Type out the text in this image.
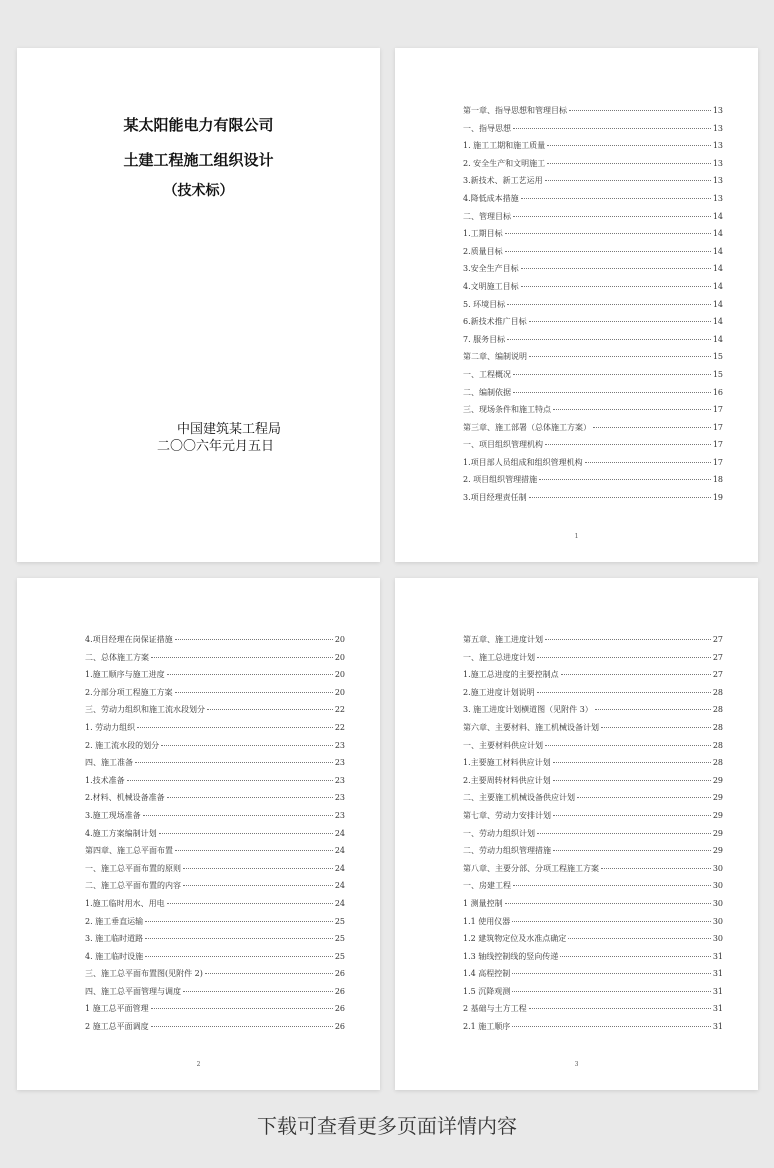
某太阳能电力有限公司
土建工程施工组织设计
（技术标）
中国建筑某工程局
二〇〇六年元月五日
第一章、指导思想和管理目标	13
一、指导思想	13
1. 施工工期和施工质量	13
2. 安全生产和文明施工	13
3.新技术、新工艺运用	13
4.降低成本措施	13
二、管理目标	14
1.工期目标	14
2.质量目标	14
3.安全生产目标	14
4.文明施工目标	14
5. 环境目标	14
6.新技术推广目标	14
7. 服务目标	14
第二章、编制说明	15
一、工程概况	15
二、编制依据	16
三、现场条件和施工特点	17
第三章、施工部署（总体施工方案）	17
一、项目组织管理机构	17
1.项目部人员组成和组织管理机构	17
2. 项目组织管理措施	18
3.项目经理责任制	19
1
4.项目经理在岗保证措施	20
二、总体施工方案	20
1.施工顺序与施工进度	20
2.分部分项工程施工方案	20
三、劳动力组织和施工流水段划分	22
1. 劳动力组织	22
2. 施工流水段的划分	23
四、施工准备	23
1.技术准备	23
2.材料、机械设备准备	23
3.施工现场准备	23
4.施工方案编制计划	24
第四章、施工总平面布置	24
一、施工总平面布置的原则	24
二、施工总平面布置的内容	24
1.施工临时用水、用电	24
2. 施工垂直运输	25
3. 施工临时道路	25
4. 施工临时设施	25
三、施工总平面布置图(见附件 2)	26
四、施工总平面管理与调度	26
1 施工总平面管理	26
2 施工总平面调度	26
2
第五章、施工进度计划	27
一、施工总进度计划	27
1.施工总进度的主要控制点	27
2.施工进度计划说明	28
3. 施工进度计划横道图（见附件 3）	28
第六章、主要材料、施工机械设备计划	28
一、主要材料供应计划	28
1.主要施工材料供应计划	28
2.主要周转材料供应计划	29
二、主要施工机械设备供应计划	29
第七章、劳动力安排计划	29
一、劳动力组织计划	29
二、劳动力组织管理措施	29
第八章、主要分部、分项工程施工方案	30
一、房建工程	30
1 测量控制	30
1.1 使用仪器	30
1.2 建筑物定位及水准点确定	30
1.3 轴线控制线的竖向传递	31
1.4 高程控制	31
1.5 沉降观测	31
2 基础与土方工程	31
2.1 施工顺序	31
3
下载可查看更多页面详情内容
